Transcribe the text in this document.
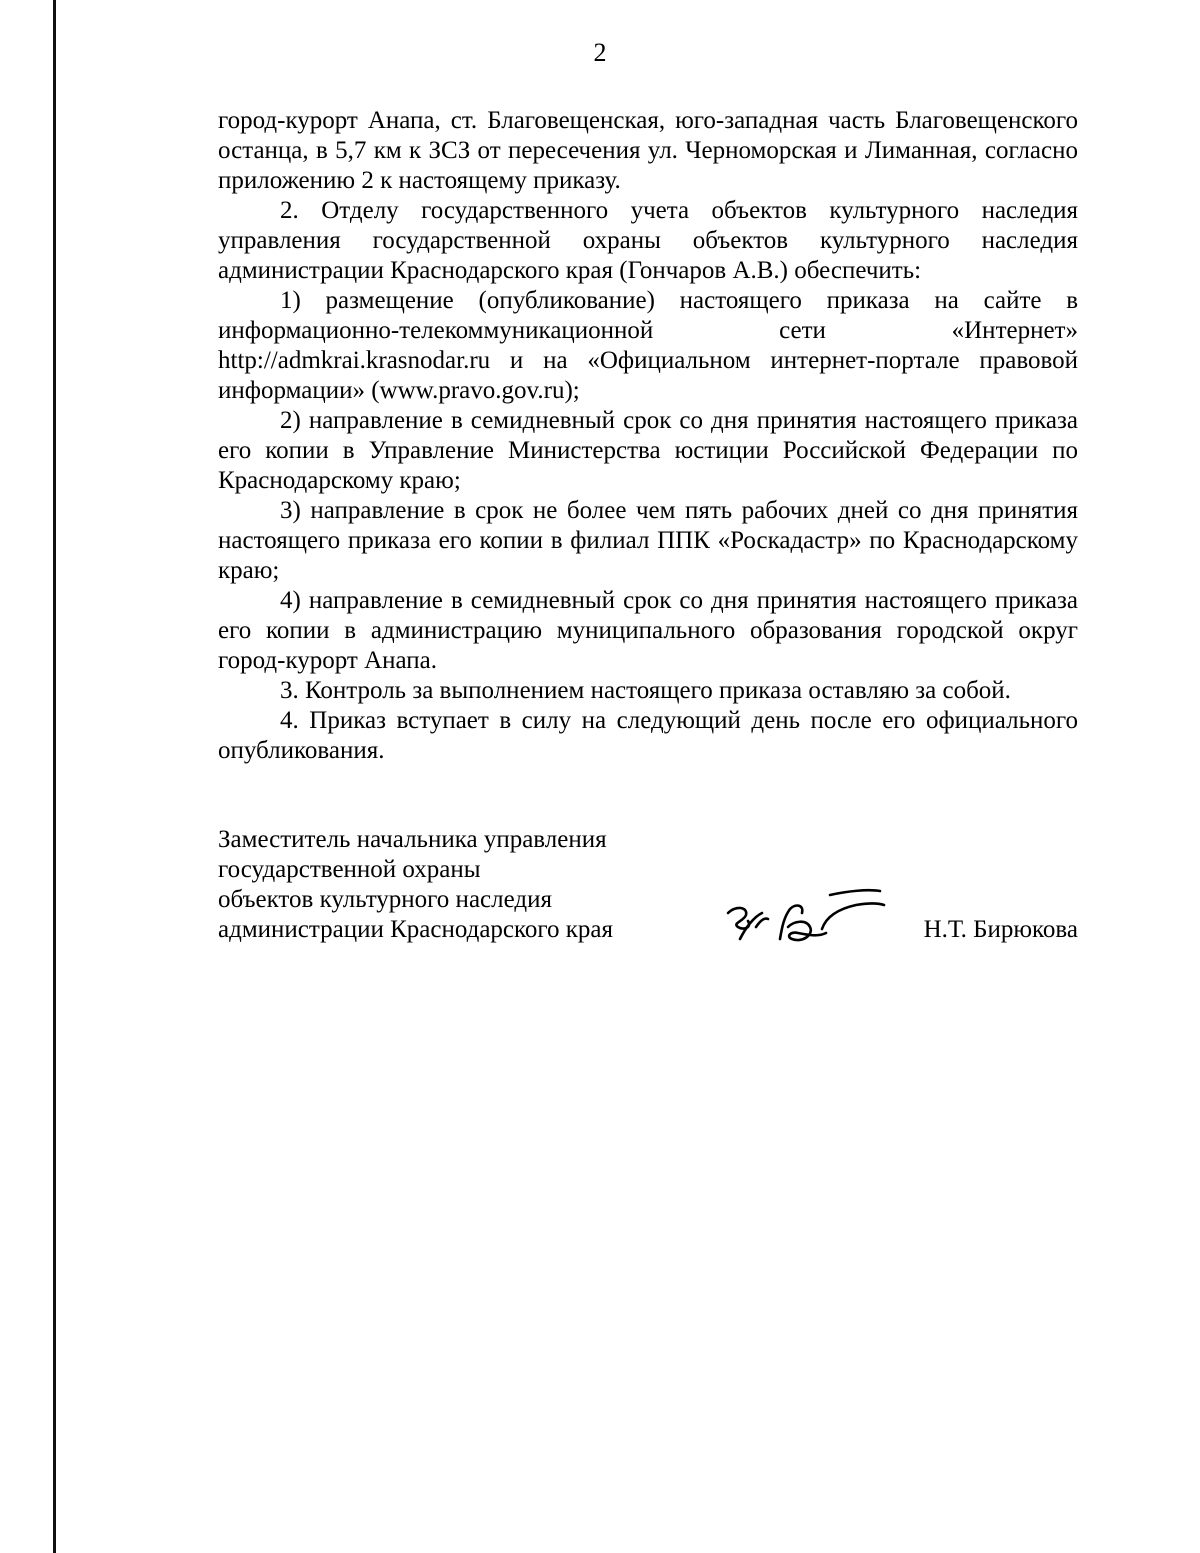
2

город-курорт Анапа, ст. Благовещенская, юго-западная часть Благовещенского останца, в 5,7 км к ЗСЗ от пересечения ул. Черноморская и Лиманная, согласно приложению 2 к настоящему приказу.

2. Отделу государственного учета объектов культурного наследия управления государственной охраны объектов культурного наследия администрации Краснодарского края (Гончаров А.В.) обеспечить:

1) размещение (опубликование) настоящего приказа на сайте в информационно-телекоммуникационной сети «Интернет» http://admkrai.krasnodar.ru и на «Официальном интернет-портале правовой информации» (www.pravo.gov.ru);

2) направление в семидневный срок со дня принятия настоящего приказа его копии в Управление Министерства юстиции Российской Федерации по Краснодарскому краю;

3) направление в срок не более чем пять рабочих дней со дня принятия настоящего приказа его копии в филиал ППК «Роскадастр» по Краснодарскому краю;

4) направление в семидневный срок со дня принятия настоящего приказа его копии в администрацию муниципального образования городской округ город-курорт Анапа.

3. Контроль за выполнением настоящего приказа оставляю за собой.

4. Приказ вступает в силу на следующий день после его официального опубликования.

Заместитель начальника управления
государственной охраны
объектов культурного наследия
администрации Краснодарского края	Н.Т. Бирюкова
